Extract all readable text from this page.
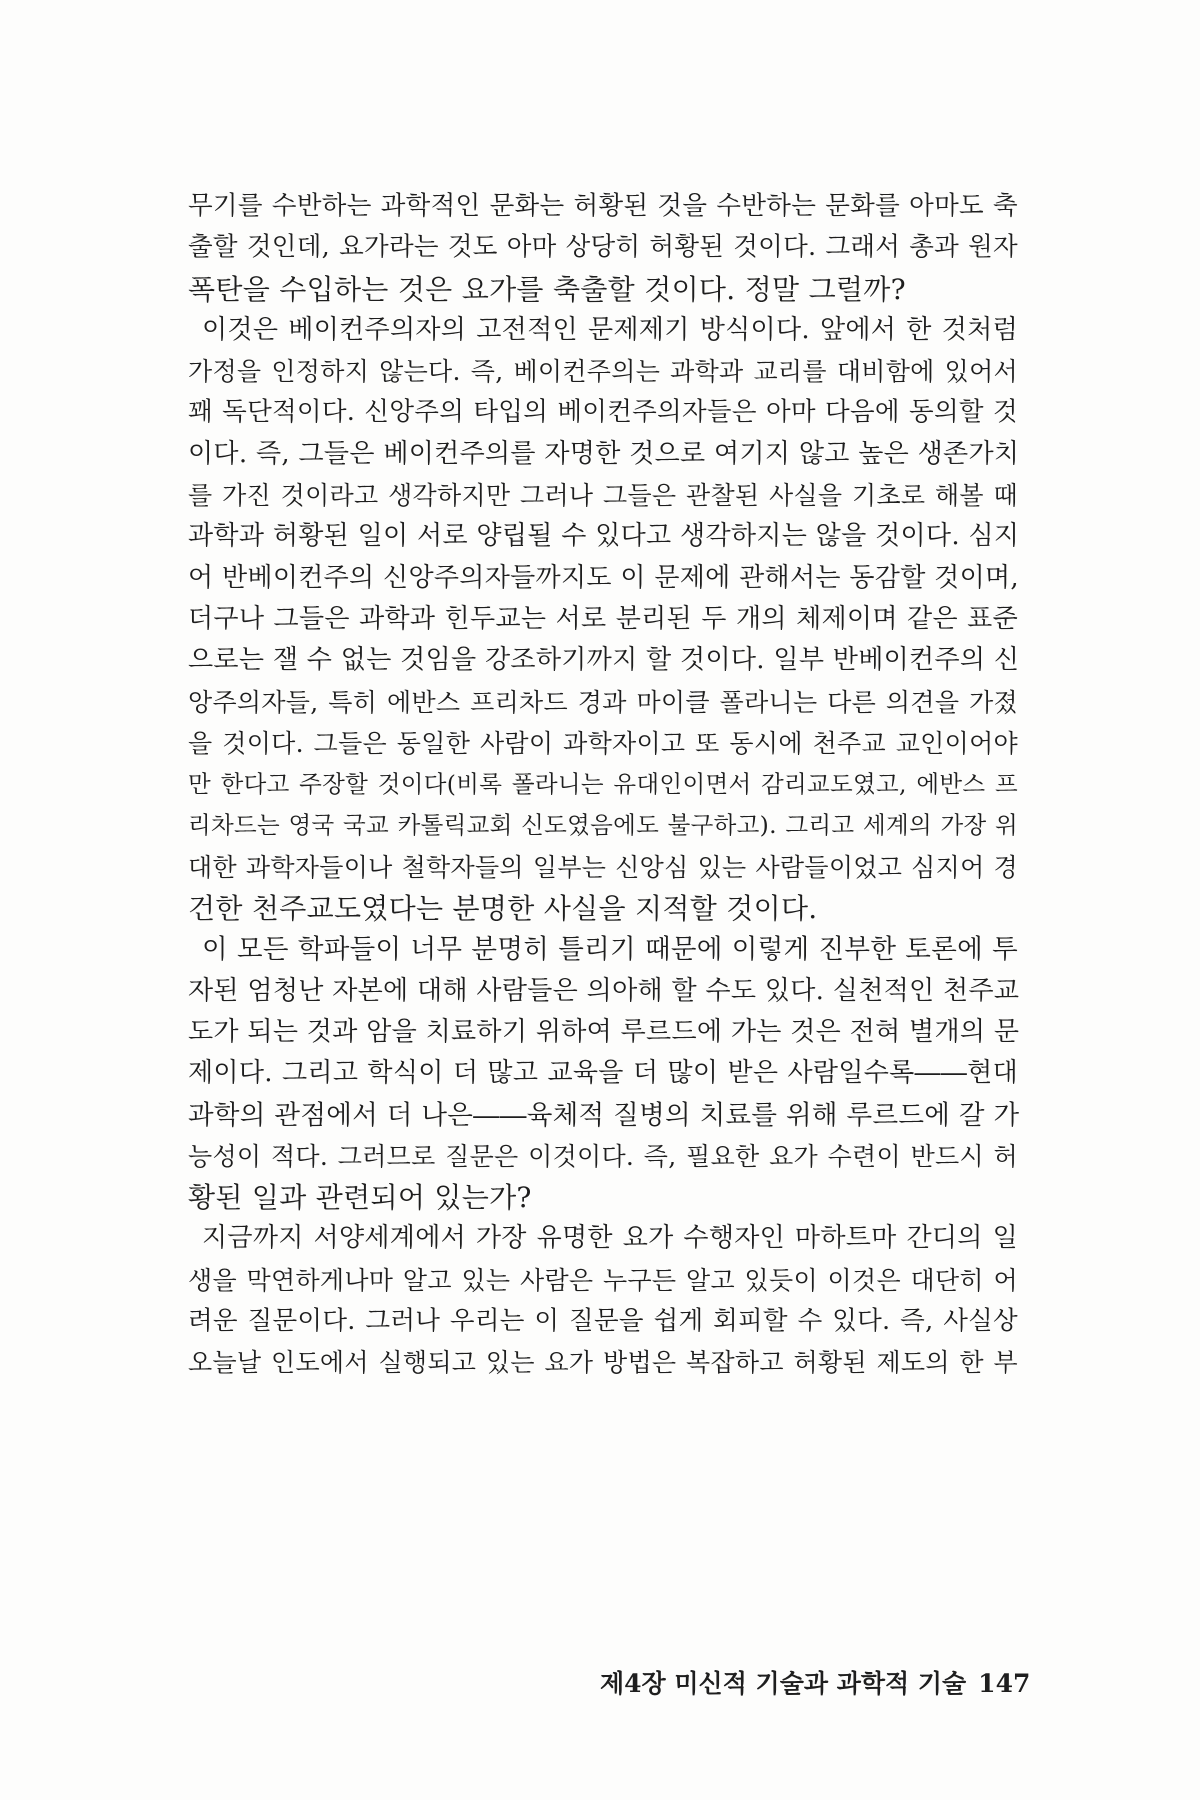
무기를 수반하는 과학적인 문화는 허황된 것을 수반하는 문화를 아마도 축
출할 것인데, 요가라는 것도 아마 상당히 허황된 것이다. 그래서 총과 원자
폭탄을 수입하는 것은 요가를 축출할 것이다. 정말 그럴까?
이것은 베이컨주의자의 고전적인 문제제기 방식이다. 앞에서 한 것처럼
가정을 인정하지 않는다. 즉, 베이컨주의는 과학과 교리를 대비함에 있어서
꽤 독단적이다. 신앙주의 타입의 베이컨주의자들은 아마 다음에 동의할 것
이다. 즉, 그들은 베이컨주의를 자명한 것으로 여기지 않고 높은 생존가치
를 가진 것이라고 생각하지만 그러나 그들은 관찰된 사실을 기초로 해볼 때
과학과 허황된 일이 서로 양립될 수 있다고 생각하지는 않을 것이다. 심지
어 반베이컨주의 신앙주의자들까지도 이 문제에 관해서는 동감할 것이며,
더구나 그들은 과학과 힌두교는 서로 분리된 두 개의 체제이며 같은 표준
으로는 잴 수 없는 것임을 강조하기까지 할 것이다. 일부 반베이컨주의 신
앙주의자들, 특히 에반스 프리차드 경과 마이클 폴라니는 다른 의견을 가졌
을 것이다. 그들은 동일한 사람이 과학자이고 또 동시에 천주교 교인이어야
만 한다고 주장할 것이다(비록 폴라니는 유대인이면서 감리교도였고, 에반스 프
리차드는 영국 국교 카톨릭교회 신도였음에도 불구하고). 그리고 세계의 가장 위
대한 과학자들이나 철학자들의 일부는 신앙심 있는 사람들이었고 심지어 경
건한 천주교도였다는 분명한 사실을 지적할 것이다.
이 모든 학파들이 너무 분명히 틀리기 때문에 이렇게 진부한 토론에 투
자된 엄청난 자본에 대해 사람들은 의아해 할 수도 있다. 실천적인 천주교
도가 되는 것과 암을 치료하기 위하여 루르드에 가는 것은 전혀 별개의 문
제이다. 그리고 학식이 더 많고 교육을 더 많이 받은 사람일수록――현대
과학의 관점에서 더 나은――육체적 질병의 치료를 위해 루르드에 갈 가
능성이 적다. 그러므로 질문은 이것이다. 즉, 필요한 요가 수련이 반드시 허
황된 일과 관련되어 있는가?
지금까지 서양세계에서 가장 유명한 요가 수행자인 마하트마 간디의 일
생을 막연하게나마 알고 있는 사람은 누구든 알고 있듯이 이것은 대단히 어
려운 질문이다. 그러나 우리는 이 질문을 쉽게 회피할 수 있다. 즉, 사실상
오늘날 인도에서 실행되고 있는 요가 방법은 복잡하고 허황된 제도의 한 부
제4장 미신적 기술과 과학적 기술 147
